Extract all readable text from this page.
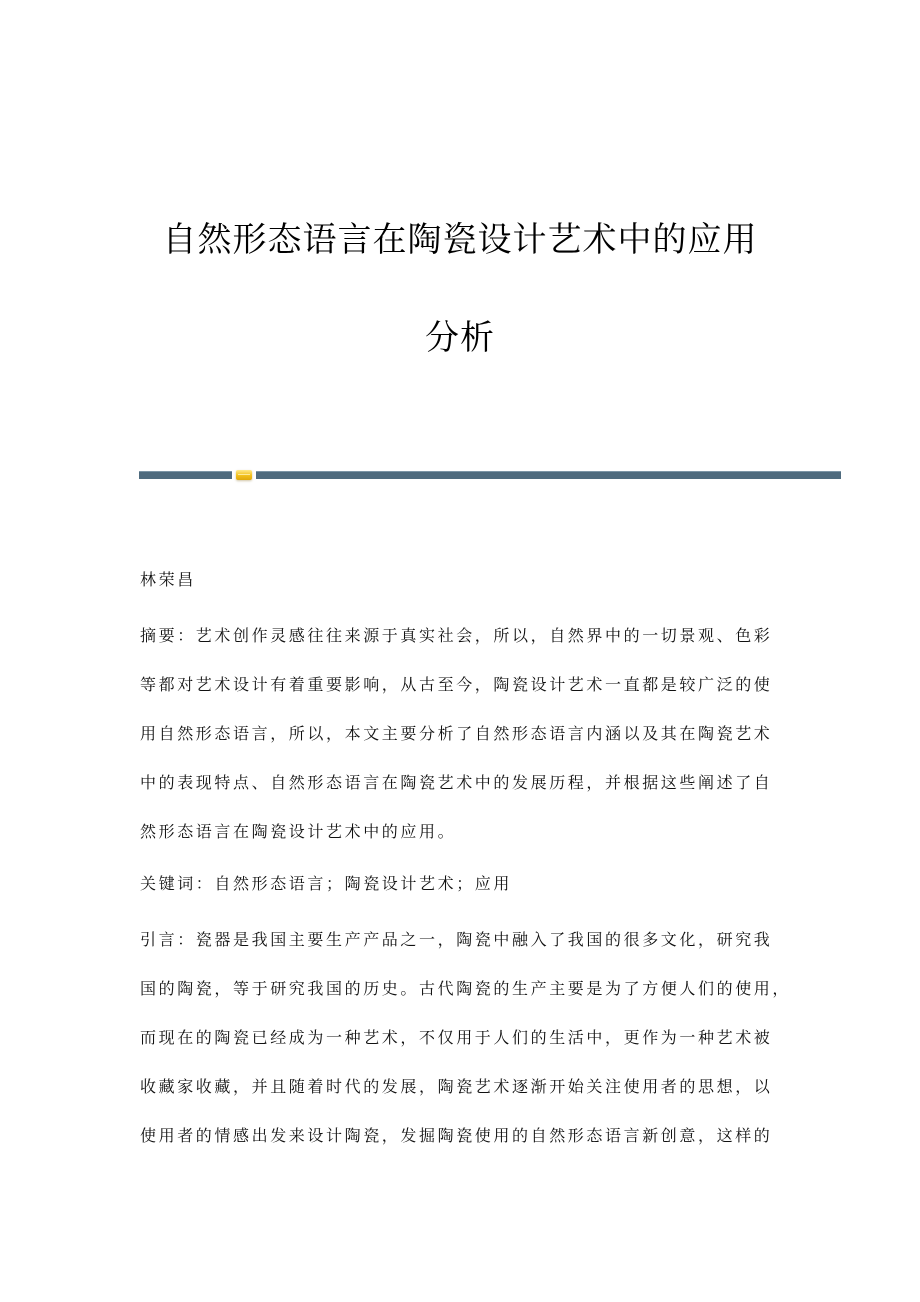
自然形态语言在陶瓷设计艺术中的应用
分析
林荣昌
摘要：艺术创作灵感往往来源于真实社会，所以，自然界中的一切景观、色彩
等都对艺术设计有着重要影响，从古至今，陶瓷设计艺术一直都是较广泛的使
用自然形态语言，所以，本文主要分析了自然形态语言内涵以及其在陶瓷艺术
中的表现特点、自然形态语言在陶瓷艺术中的发展历程，并根据这些阐述了自
然形态语言在陶瓷设计艺术中的应用。
关键词：自然形态语言；陶瓷设计艺术；应用
引言：瓷器是我国主要生产产品之一，陶瓷中融入了我国的很多文化，研究我
国的陶瓷，等于研究我国的历史。古代陶瓷的生产主要是为了方便人们的使用，
而现在的陶瓷已经成为一种艺术，不仅用于人们的生活中，更作为一种艺术被
收藏家收藏，并且随着时代的发展，陶瓷艺术逐渐开始关注使用者的思想，以
使用者的情感出发来设计陶瓷，发掘陶瓷使用的自然形态语言新创意，这样的
